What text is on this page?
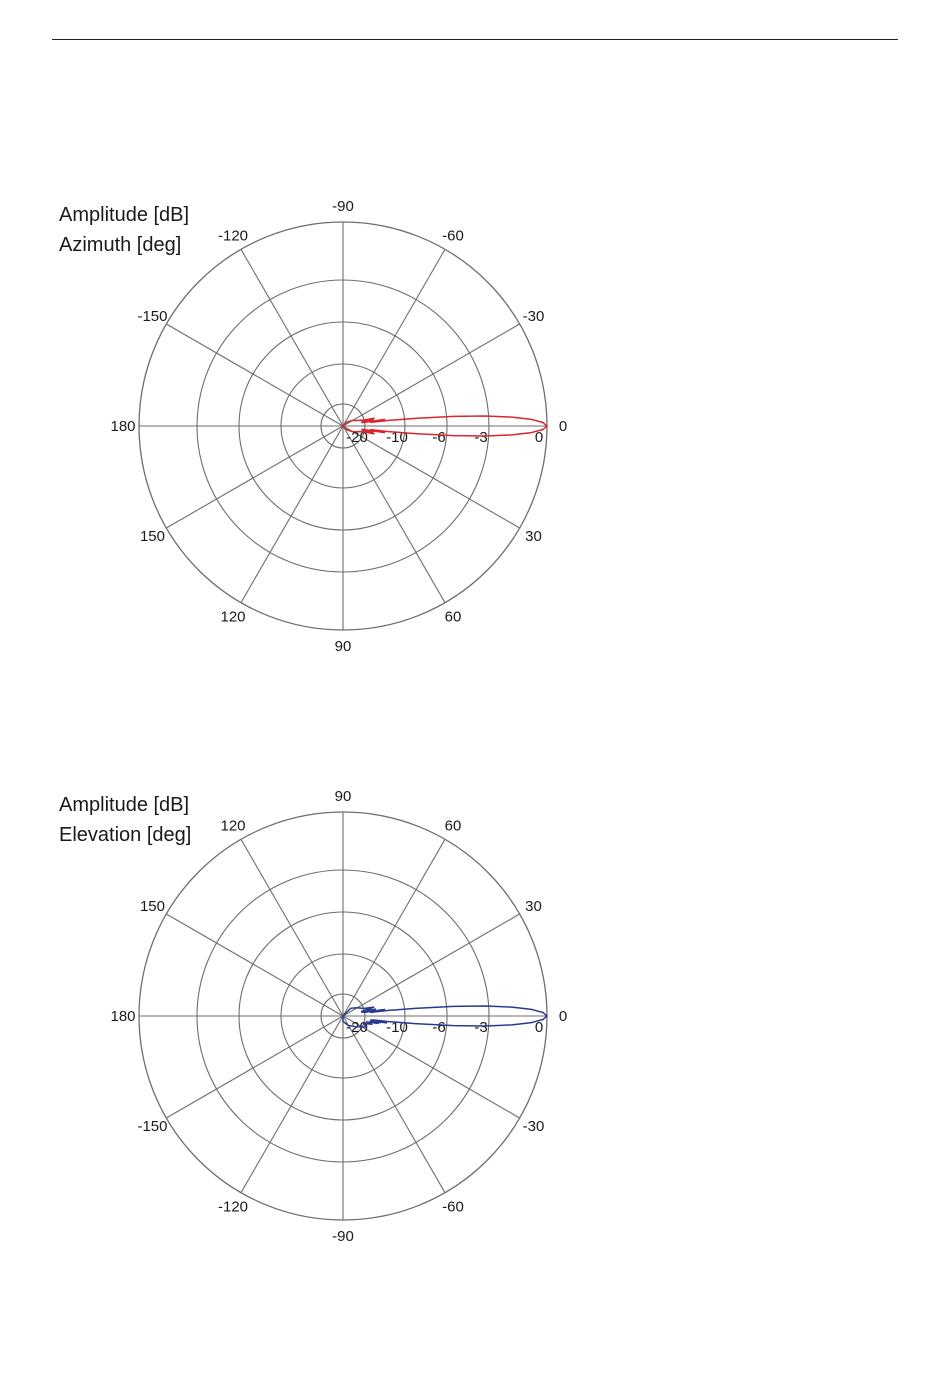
Amplitude [dB]
Azimuth [deg]
0
30
60
90
120
150
180
-150
-120
-90
-60
-30
-20 -10 -6 -3	0
Amplitude [dB]
Elevation [deg]
0
30
60
90
120
150
180
-150
-120
-90
-60
-30
-20 -10 -6 -3	0
